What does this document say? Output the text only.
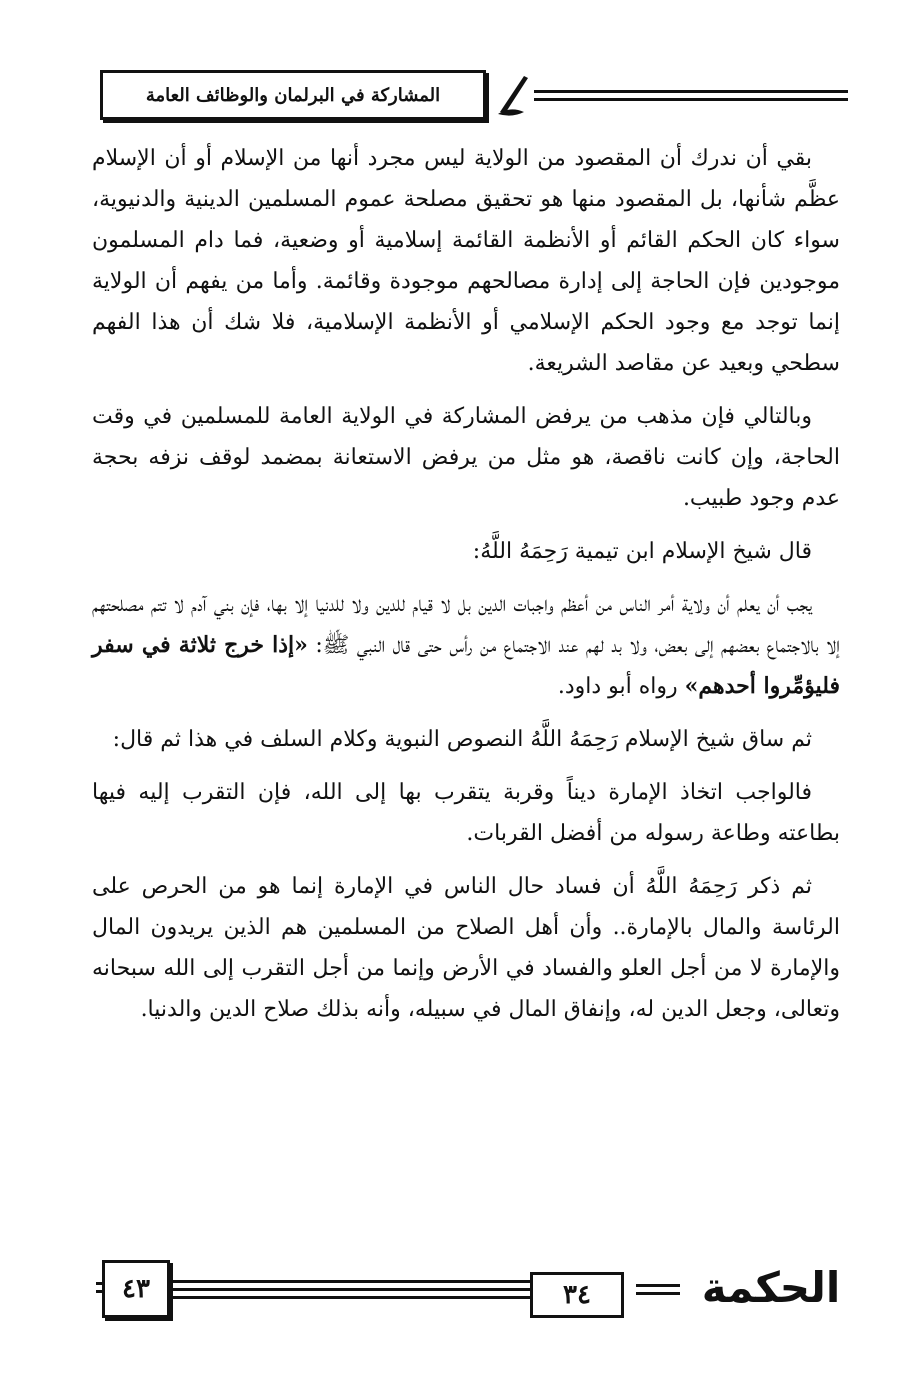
المشاركة في البرلمان والوظائف العامة

بقي أن ندرك أن المقصود من الولاية ليس مجرد أنها من الإسلام أو أن الإسلام عظَّم شأنها، بل المقصود منها هو تحقيق مصلحة عموم المسلمين الدينية والدنيوية، سواء كان الحكم القائم أو الأنظمة القائمة إسلامية أو وضعية، فما دام المسلمون موجودين فإن الحاجة إلى إدارة مصالحهم موجودة وقائمة. وأما من يفهم أن الولاية إنما توجد مع وجود الحكم الإسلامي أو الأنظمة الإسلامية، فلا شك أن هذا الفهم سطحي وبعيد عن مقاصد الشريعة.

وبالتالي فإن مذهب من يرفض المشاركة في الولاية العامة للمسلمين في وقت الحاجة، وإن كانت ناقصة، هو مثل من يرفض الاستعانة بمضمد لوقف نزفه بحجة عدم وجود طبيب.

قال شيخ الإسلام ابن تيمية رَحِمَهُ اللَّهُ:

يجب أن يعلم أن ولاية أمر الناس من أعظم واجبات الدين بل لا قيام للدين ولا للدنيا إلا بها، فإن بني آدم لا تتم مصلحتهم إلا بالاجتماع بعضهم إلى بعض، ولا بد لهم عند الاجتماع من رأس حتى قال النبي ﷺ: «إذا خرج ثلاثة في سفر فليؤمِّروا أحدهم» رواه أبو داود.

ثم ساق شيخ الإسلام رَحِمَهُ اللَّهُ النصوص النبوية وكلام السلف في هذا ثم قال:

فالواجب اتخاذ الإمارة ديناً وقربة يتقرب بها إلى الله، فإن التقرب إليه فيها بطاعته وطاعة رسوله من أفضل القربات.

ثم ذكر رَحِمَهُ اللَّهُ أن فساد حال الناس في الإمارة إنما هو من الحرص على الرئاسة والمال بالإمارة.. وأن أهل الصلاح من المسلمين هم الذين يريدون المال والإمارة لا من أجل العلو والفساد في الأرض وإنما من أجل التقرب إلى الله سبحانه وتعالى، وجعل الدين له، وإنفاق المال في سبيله، وأنه بذلك صلاح الدين والدنيا.

٤٣	٣٤	الحكمة
